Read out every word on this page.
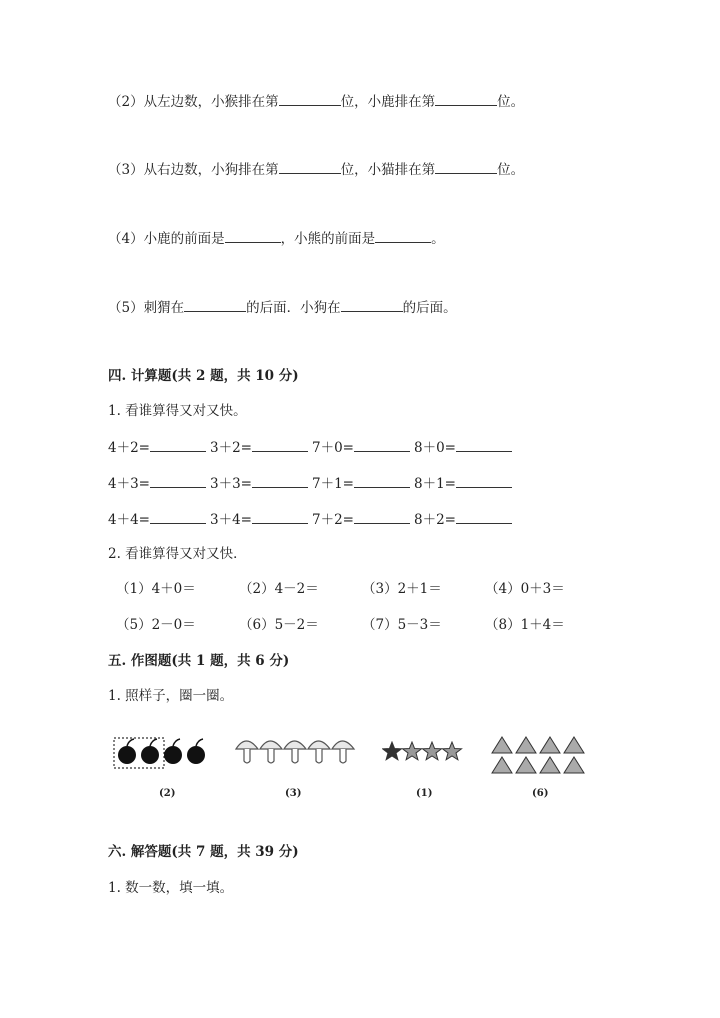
（2）从左边数，小猴排在第	位，小鹿排在第	位。
（3）从右边数，小狗排在第	位，小猫排在第	位。
（4）小鹿的前面是	，小熊的前面是	。
（5）刺猬在	的后面．小狗在	的后面。
四. 计算题(共 2 题，共 10 分)
1. 看谁算得又对又快。
4＋2=	3＋2=	7＋0=	8＋0=
4＋3=	3＋3=	7＋1=	8＋1=
4＋4=	3＋4=	7＋2=	8＋2=
2. 看谁算得又对又快．
（1）4＋0＝	（2）4－2＝	（3）2＋1＝	（4）0＋3＝
（5）2－0＝	（6）5－2＝	（7）5－3＝	（8）1＋4＝
五. 作图题(共 1 题，共 6 分)
1. 照样子，圈一圈。
(2)	(3)	(1)	(6)
六. 解答题(共 7 题，共 39 分)
1. 数一数，填一填。
